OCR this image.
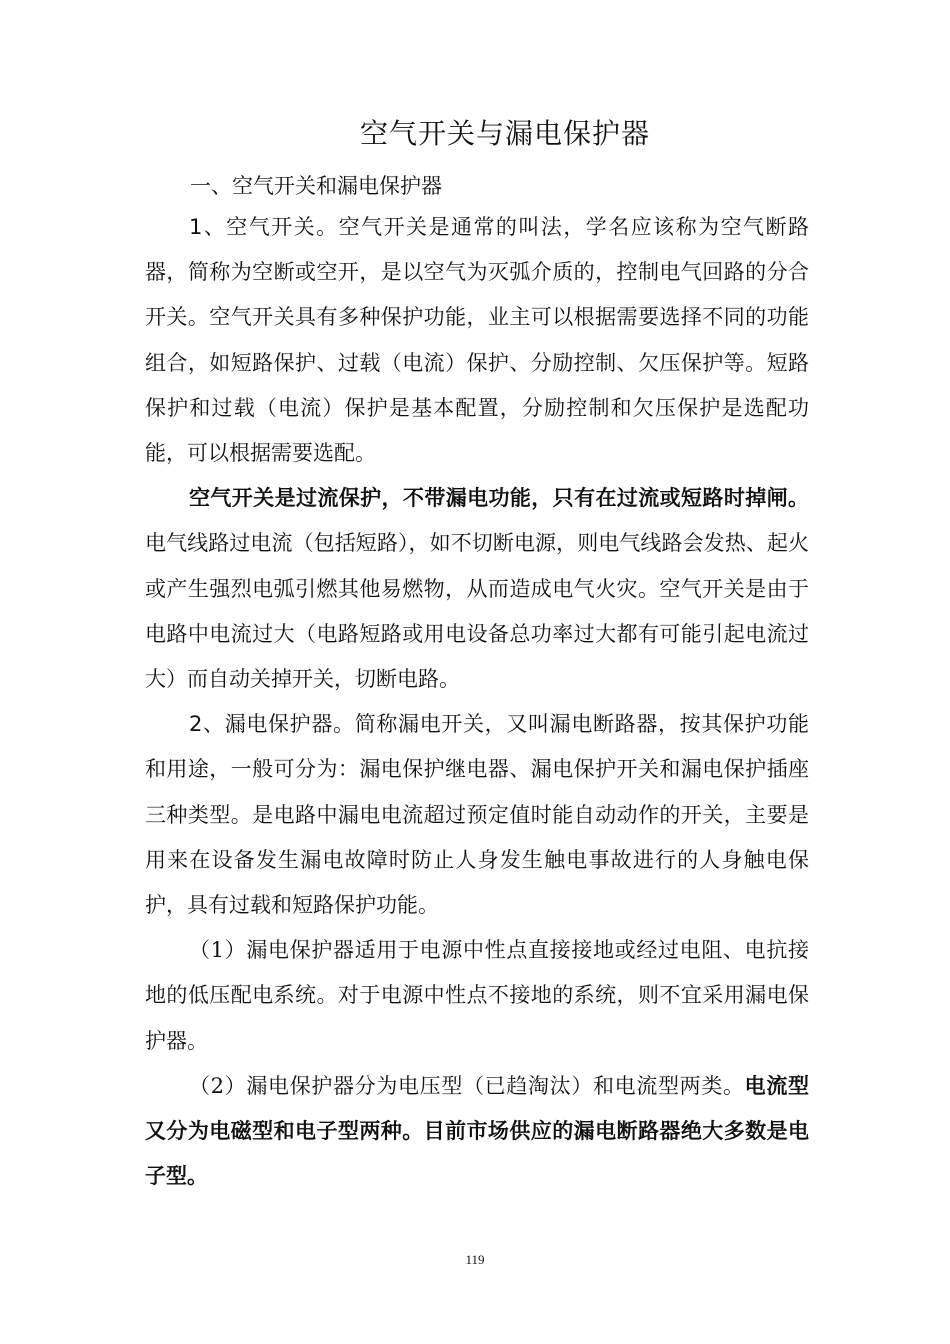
空气开关与漏电保护器
一、空气开关和漏电保护器

1、空气开关。空气开关是通常的叫法，学名应该称为空气断路器，简称为空断或空开，是以空气为灭弧介质的，控制电气回路的分合开关。空气开关具有多种保护功能，业主可以根据需要选择不同的功能组合，如短路保护、过载（电流）保护、分励控制、欠压保护等。短路保护和过载（电流）保护是基本配置，分励控制和欠压保护是选配功能，可以根据需要选配。

空气开关是过流保护，不带漏电功能，只有在过流或短路时掉闸。电气线路过电流（包括短路），如不切断电源，则电气线路会发热、起火或产生强烈电弧引燃其他易燃物，从而造成电气火灾。空气开关是由于电路中电流过大（电路短路或用电设备总功率过大都有可能引起电流过大）而自动关掉开关，切断电路。

2、漏电保护器。简称漏电开关，又叫漏电断路器，按其保护功能和用途，一般可分为：漏电保护继电器、漏电保护开关和漏电保护插座三种类型。是电路中漏电电流超过预定值时能自动动作的开关，主要是用来在设备发生漏电故障时防止人身发生触电事故进行的人身触电保护，具有过载和短路保护功能。

（1）漏电保护器适用于电源中性点直接接地或经过电阻、电抗接地的低压配电系统。对于电源中性点不接地的系统，则不宜采用漏电保护器。

（2）漏电保护器分为电压型（已趋淘汰）和电流型两类。电流型又分为电磁型和电子型两种。目前市场供应的漏电断路器绝大多数是电子型。

119
